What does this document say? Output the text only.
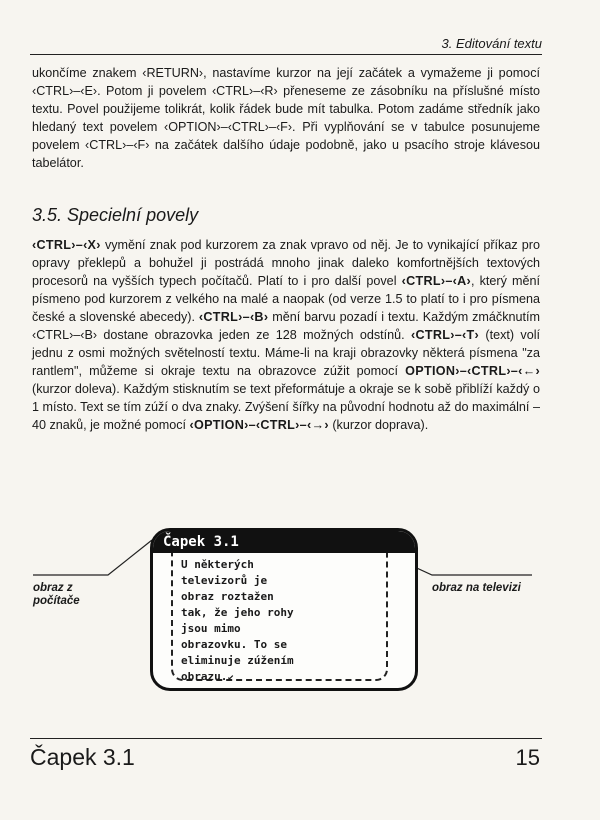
3. Editování textu

ukončíme znakem ‹RETURN›, nastavíme kurzor na její začátek a vymažeme ji pomocí ‹CTRL›–‹E›. Potom ji povelem ‹CTRL›–‹R› přeneseme ze zásobníku na příslušné místo textu. Povel použijeme tolikrát, kolik řádek bude mít tabulka. Potom zadáme středník jako hledaný text povelem ‹OPTION›–‹CTRL›–‹F›. Při vyplňování se v tabulce posunujeme povelem ‹CTRL›–‹F› na začátek dalšího údaje podobně, jako u psacího stroje klávesou tabelátor.

3.5. Specielní povely

‹CTRL›–‹X› vymění znak pod kurzorem za znak vpravo od něj. Je to vynikající příkaz pro opravy překlepů a bohužel ji postrádá mnoho jinak daleko komfortnějších textových procesorů na vyšších typech počítačů. Platí to i pro další povel ‹CTRL›–‹A›, který mění písmeno pod kurzorem z velkého na malé a naopak (od verze 1.5 to platí to i pro písmena české a slovenské abecedy). ‹CTRL›–‹B› mění barvu pozadí i textu. Každým zmáčknutím ‹CTRL›–‹B› dostane obrazovka jeden ze 128 možných odstínů. ‹CTRL›–‹T› (text) volí jednu z osmi možných světelností textu. Máme-li na kraji obrazovky některá písmena "za rantlem", můžeme si okraje textu na obrazovce zúžit pomocí OPTION›–‹CTRL›–‹←› (kurzor doleva). Každým stisknutím se text přeformátuje a okraje se k sobě přiblíží každý o 1 místo. Text se tím zúží o dva znaky. Zvýšení šířky na původní hodnotu až do maximální – 40 znaků, je možné pomocí ‹OPTION›–‹CTRL›–‹→› (kurzor doprava).

Čapek 3.1
U některých
televizorů je
obraz roztažen
tak, že jeho rohy
jsou mimo
obrazovku. To se
eliminuje zúžením
obrazu.↙
obraz z
počítače
obraz na televizi
Čapek 3.1	15
